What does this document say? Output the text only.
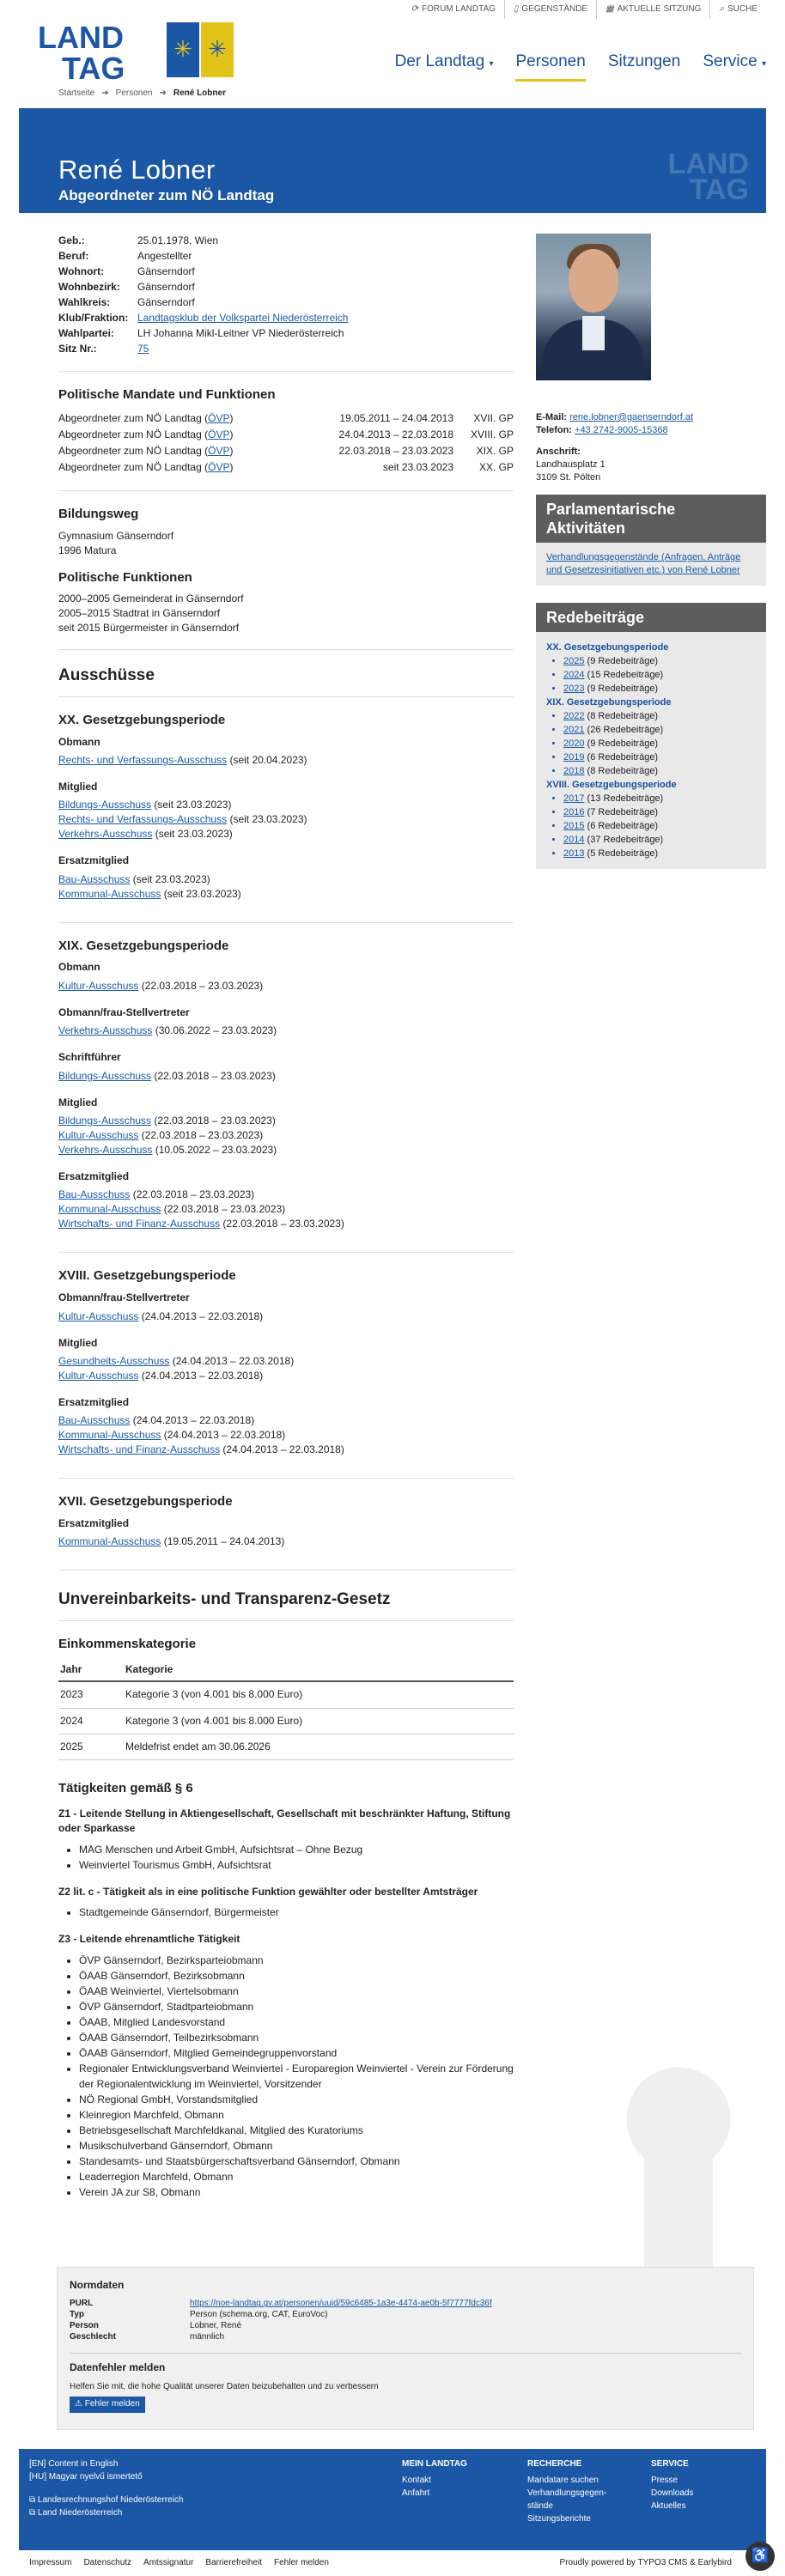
⟳ FORUM LANDTAG ▯ GEGENSTÄNDE ▦ AKTUELLE SITZUNG ⌕ SUCHE
LAND
TAG
✳ ✳	Der Landtag ▾ Personen Sitzungen Service ▾
Startseite ➔ Personen ➔ René Lobner
René Lobner
Abgeordneter zum NÖ Landtag
LAND
TAG
Geb.:	25.01.1978, Wien
Beruf:	Angestellter
Wohnort:	Gänserndorf
Wohnbezirk:	Gänserndorf
Wahlkreis:	Gänserndorf
Klub/Fraktion: Landtagsklub der Volkspartei Niederösterreich
Wahlpartei:	LH Johanna Mikl-Leitner VP Niederösterreich
Sitz Nr.:	75
Politische Mandate und Funktionen
Abgeordneter zum NÖ Landtag (ÖVP)	19.05.2011 – 24.04.2013	XVII. GP
Abgeordneter zum NÖ Landtag (ÖVP)	24.04.2013 – 22.03.2018	XVIII. GP
Abgeordneter zum NÖ Landtag (ÖVP)	22.03.2018 – 23.03.2023	XIX. GP
Abgeordneter zum NÖ Landtag (ÖVP)	seit 23.03.2023	XX. GP
Bildungsweg
Gymnasium Gänserndorf
1996 Matura
Politische Funktionen
2000–2005 Gemeinderat in Gänserndorf
2005–2015 Stadtrat in Gänserndorf
seit 2015 Bürgermeister in Gänserndorf
Ausschüsse
XX. Gesetzgebungsperiode
Obmann
Rechts- und Verfassungs-Ausschuss (seit 20.04.2023)
Mitglied
Bildungs-Ausschuss (seit 23.03.2023)
Rechts- und Verfassungs-Ausschuss (seit 23.03.2023)
Verkehrs-Ausschuss (seit 23.03.2023)
Ersatzmitglied
Bau-Ausschuss (seit 23.03.2023)
Kommunal-Ausschuss (seit 23.03.2023)
XIX. Gesetzgebungsperiode
Obmann
Kultur-Ausschuss (22.03.2018 – 23.03.2023)
Obmann/frau-Stellvertreter
Verkehrs-Ausschuss (30.06.2022 – 23.03.2023)
Schriftführer
Bildungs-Ausschuss (22.03.2018 – 23.03.2023)
Mitglied
Bildungs-Ausschuss (22.03.2018 – 23.03.2023)
Kultur-Ausschuss (22.03.2018 – 23.03.2023)
Verkehrs-Ausschuss (10.05.2022 – 23.03.2023)
Ersatzmitglied
Bau-Ausschuss (22.03.2018 – 23.03.2023)
Kommunal-Ausschuss (22.03.2018 – 23.03.2023)
Wirtschafts- und Finanz-Ausschuss (22.03.2018 – 23.03.2023)
XVIII. Gesetzgebungsperiode
Obmann/frau-Stellvertreter
Kultur-Ausschuss (24.04.2013 – 22.03.2018)
Mitglied
Gesundheits-Ausschuss (24.04.2013 – 22.03.2018)
Kultur-Ausschuss (24.04.2013 – 22.03.2018)
Ersatzmitglied
Bau-Ausschuss (24.04.2013 – 22.03.2018)
Kommunal-Ausschuss (24.04.2013 – 22.03.2018)
Wirtschafts- und Finanz-Ausschuss (24.04.2013 – 22.03.2018)
XVII. Gesetzgebungsperiode
Ersatzmitglied
Kommunal-Ausschuss (19.05.2011 – 24.04.2013)
Unvereinbarkeits- und Transparenz-Gesetz
Einkommenskategorie
Jahr	Kategorie
2023	Kategorie 3 (von 4.001 bis 8.000 Euro)
2024	Kategorie 3 (von 4.001 bis 8.000 Euro)
2025	Meldefrist endet am 30.06.2026
Tätigkeiten gemäß § 6
Z1 - Leitende Stellung in Aktiengesellschaft, Gesellschaft mit beschränkter Haftung, Stiftung oder Sparkasse
• MAG Menschen und Arbeit GmbH, Aufsichtsrat – Ohne Bezug
• Weinviertel Tourismus GmbH, Aufsichtsrat
Z2 lit. c - Tätigkeit als in eine politische Funktion gewählter oder bestellter Amtsträger
• Stadtgemeinde Gänserndorf, Bürgermeister
Z3 - Leitende ehrenamtliche Tätigkeit
• ÖVP Gänserndorf, Bezirksparteiobmann
• ÖAAB Gänserndorf, Bezirksobmann
• ÖAAB Weinviertel, Viertelsobmann
• ÖVP Gänserndorf, Stadtparteiobmann
• ÖAAB, Mitglied Landesvorstand
• ÖAAB Gänserndorf, Teilbezirksobmann
• ÖAAB Gänserndorf, Mitglied Gemeindegruppenvorstand
• Regionaler Entwicklungsverband Weinviertel - Europaregion Weinviertel - Verein zur Förderung der Regionalentwicklung im Weinviertel, Vorsitzender
• NÖ Regional GmbH, Vorstandsmitglied
• Kleinregion Marchfeld, Obmann
• Betriebsgesellschaft Marchfeldkanal, Mitglied des Kuratoriums
• Musikschulverband Gänserndorf, Obmann
• Standesamts- und Staatsbürgerschaftsverband Gänserndorf, Obmann
• Leaderregion Marchfeld, Obmann
• Verein JA zur S8, Obmann
E-Mail: rene.lobner@gaenserndorf.at
Telefon: +43 2742-9005-15368
Anschrift:
Landhausplatz 1
3109 St. Pölten
Parlamentarische Aktivitäten
Verhandlungsgegenstände (Anfragen, Anträge und Gesetzesinitiativen etc.) von René Lobner
Redebeiträge
XX. Gesetzgebungsperiode
• 2025 (9 Redebeiträge)
• 2024 (15 Redebeiträge)
• 2023 (9 Redebeiträge)
XIX. Gesetzgebungsperiode
• 2022 (8 Redebeiträge)
• 2021 (26 Redebeiträge)
• 2020 (9 Redebeiträge)
• 2019 (6 Redebeiträge)
• 2018 (8 Redebeiträge)
XVIII. Gesetzgebungsperiode
• 2017 (13 Redebeiträge)
• 2016 (7 Redebeiträge)
• 2015 (6 Redebeiträge)
• 2014 (37 Redebeiträge)
• 2013 (5 Redebeiträge)
Normdaten
PURL	https://noe-landtag.gv.at/personen/uuid/59c6485-1a3e-4474-ae0b-5f7777fdc36f
Typ	Person (schema.org, CAT, EuroVoc)
Person	Lobner, René
Geschlecht	männlich
Datenfehler melden
Helfen Sie mit, die hohe Qualität unserer Daten beizubehalten und zu verbessern
⚠ Fehler melden
[EN] Content in English
[HU] Magyar nyelvű ismertető
⧉ Landesrechnungshof Niederösterreich
⧉ Land Niederösterreich
MEIN LANDTAG
Kontakt
Anfahrt
RECHERCHE
Mandatare suchen
Verhandlungsgegen- stände
Sitzungsberichte
SERVICE
Presse
Downloads
Aktuelles
Impressum Datenschutz Amtssignatur Barrierefreiheit Fehler melden	Proudly powered by TYPO3 CMS & Earlybird ♿
